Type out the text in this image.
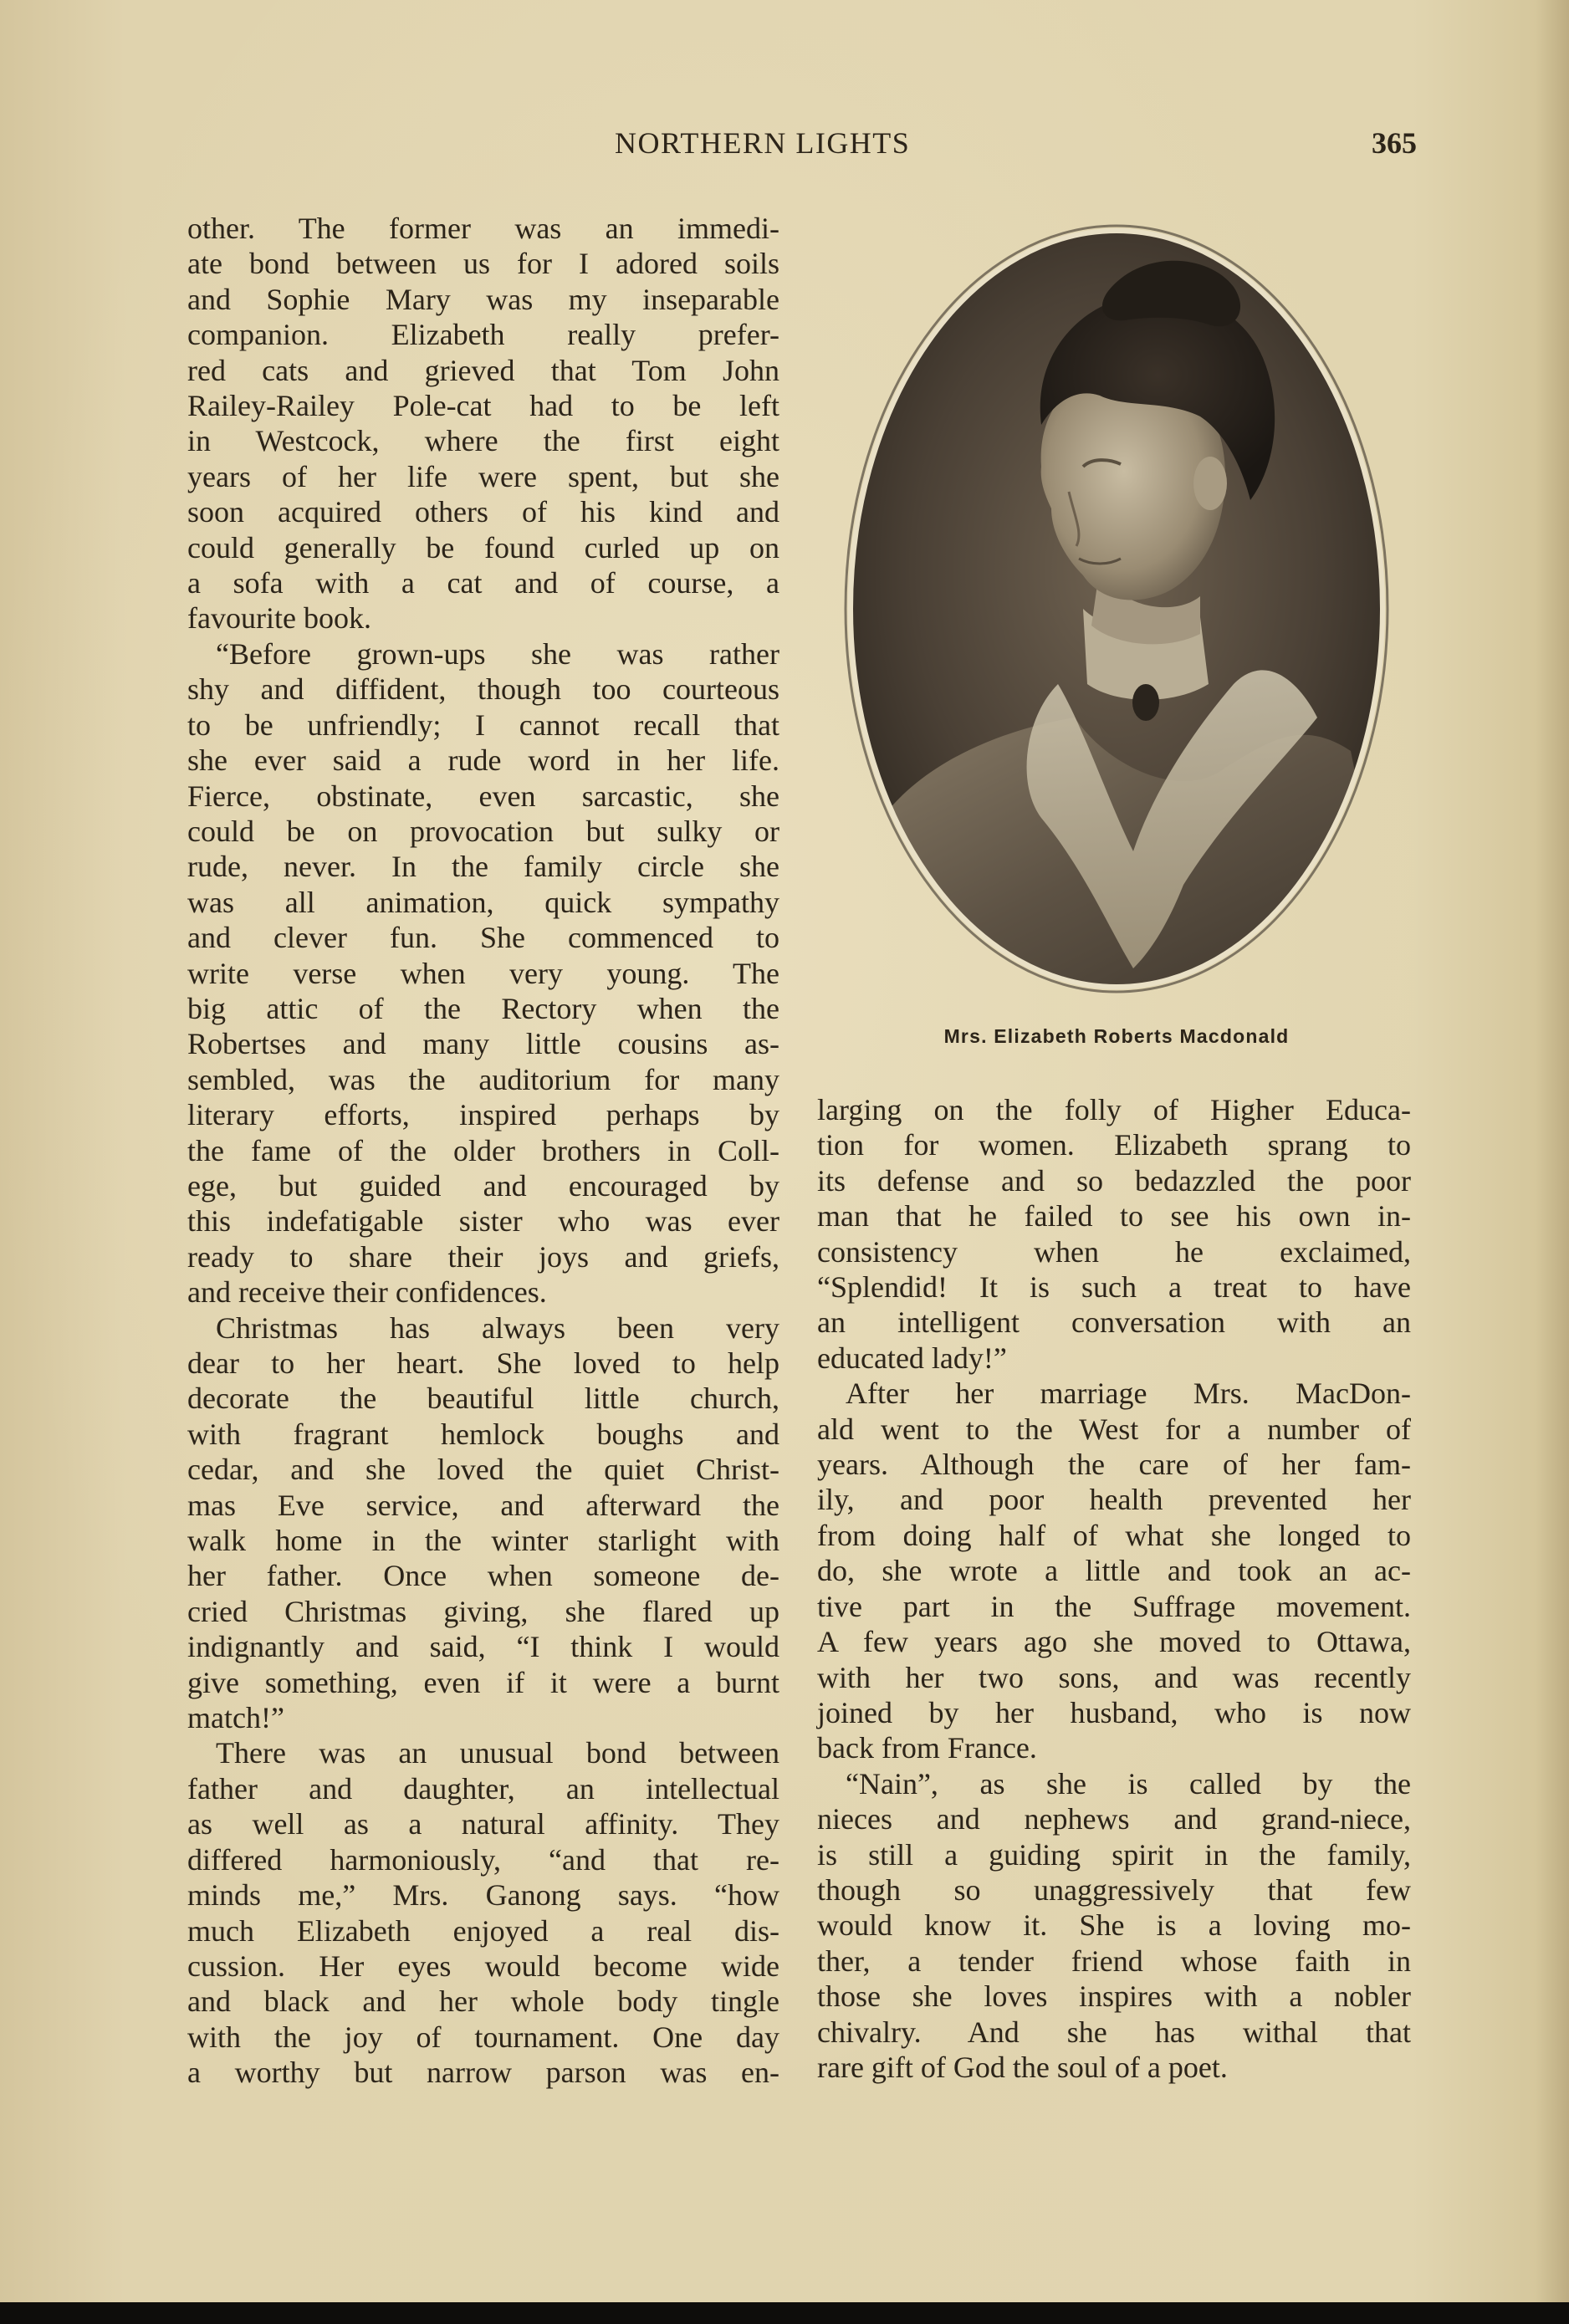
NORTHERN LIGHTS	365

other. The former was an immedi-

ate bond between us for I adored soils

and Sophie Mary was my inseparable

companion. Elizabeth really prefer-

red cats and grieved that Tom John

Railey-Railey Pole-cat had to be left

in Westcock, where the first eight

years of her life were spent, but she

soon acquired others of his kind and

could generally be found curled up on

a sofa with a cat and of course, a

favourite book.

“Before grown-ups she was rather

shy and diffident, though too courteous

to be unfriendly; I cannot recall that

she ever said a rude word in her life.

Fierce, obstinate, even sarcastic, she

could be on provocation but sulky or

rude, never. In the family circle she

was all animation, quick sympathy

and clever fun. She commenced to

write verse when very young. The

big attic of the Rectory when the

Robertses and many little cousins as-

sembled, was the auditorium for many

literary efforts, inspired perhaps by

the fame of the older brothers in Coll-

ege, but guided and encouraged by

this indefatigable sister who was ever

ready to share their joys and griefs,

and receive their confidences.

Christmas has always been very

dear to her heart. She loved to help

decorate the beautiful little church,

with fragrant hemlock boughs and

cedar, and she loved the quiet Christ-

mas Eve service, and afterward the

walk home in the winter starlight with

her father. Once when someone de-

cried Christmas giving, she flared up

indignantly and said, “I think I would

give something, even if it were a burnt

match!”

There was an unusual bond between

father and daughter, an intellectual

as well as a natural affinity. They

differed harmoniously, “and that re-

minds me,” Mrs. Ganong says. “how

much Elizabeth enjoyed a real dis-

cussion. Her eyes would become wide

and black and her whole body tingle

with the joy of tournament. One day

a worthy but narrow parson was en-

Mrs. Elizabeth Roberts Macdonald

larging on the folly of Higher Educa-

tion for women. Elizabeth sprang to

its defense and so bedazzled the poor

man that he failed to see his own in-

consistency when he exclaimed,

“Splendid! It is such a treat to have

an intelligent conversation with an

educated lady!”

After her marriage Mrs. MacDon-

ald went to the West for a number of

years. Although the care of her fam-

ily, and poor health prevented her

from doing half of what she longed to

do, she wrote a little and took an ac-

tive part in the Suffrage movement.

A few years ago she moved to Ottawa,

with her two sons, and was recently

joined by her husband, who is now

back from France.

“Nain”, as she is called by the

nieces and nephews and grand-niece,

is still a guiding spirit in the family,

though so unaggressively that few

would know it. She is a loving mo-

ther, a tender friend whose faith in

those she loves inspires with a nobler

chivalry. And she has withal that

rare gift of God the soul of a poet.
